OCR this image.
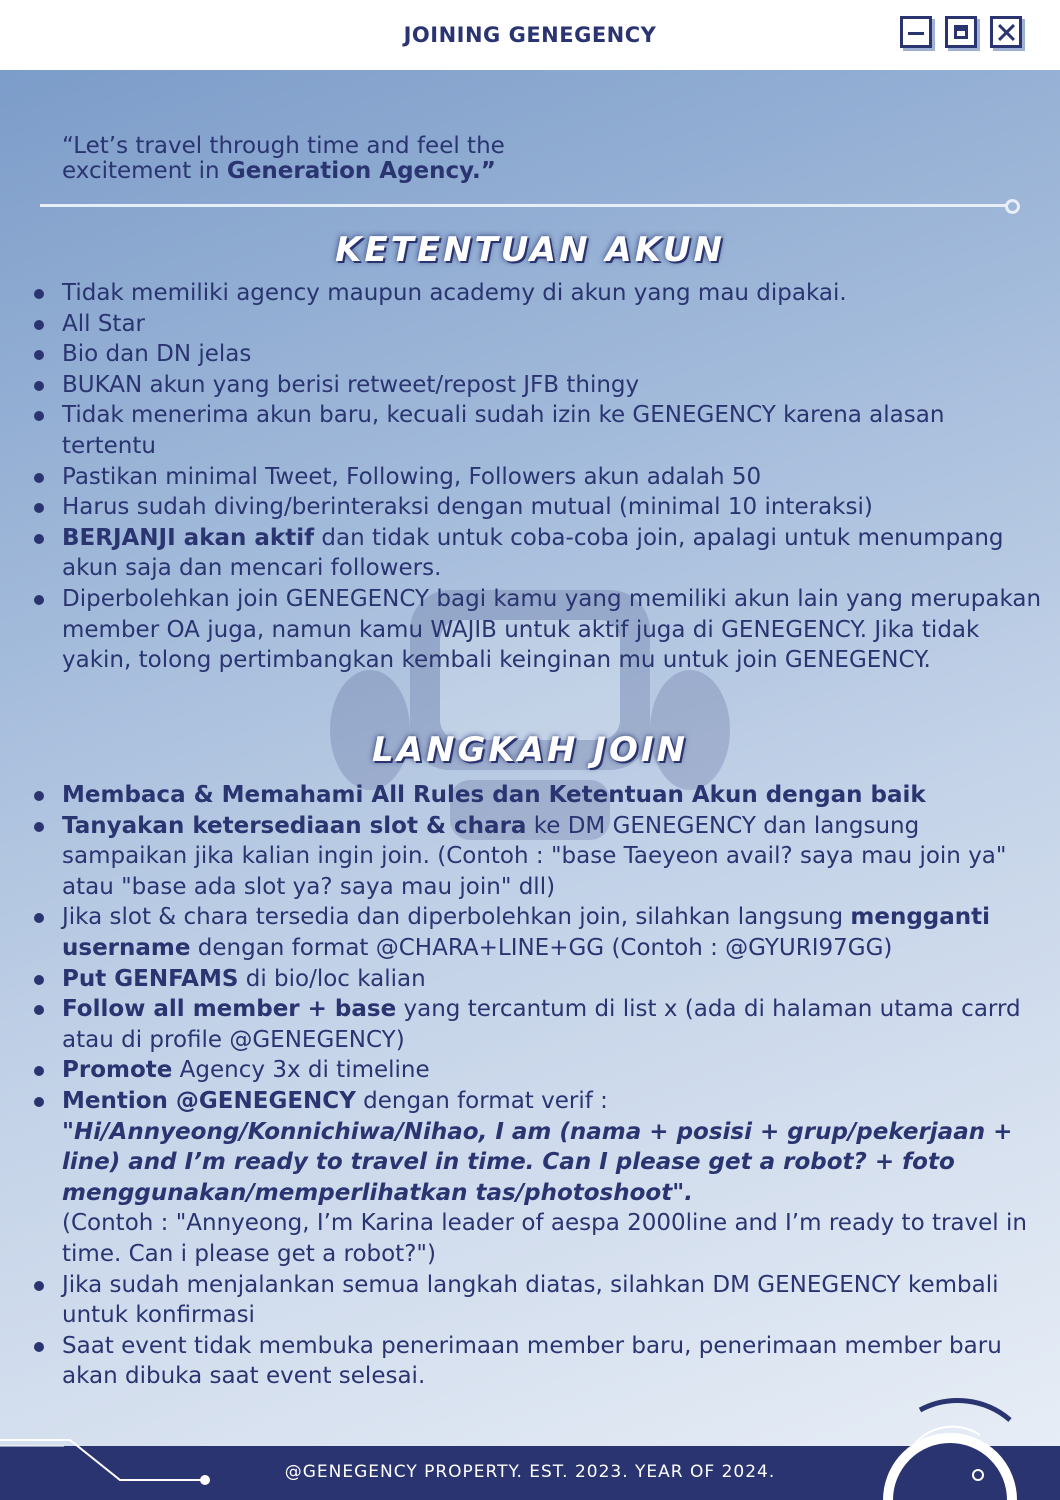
JOINING GENEGENCY
“Let’s travel through time and feel the
excitement in Generation Agency.”
KETENTUAN AKUN
Tidak memiliki agency maupun academy di akun yang mau dipakai.
All Star
Bio dan DN jelas
BUKAN akun yang berisi retweet/repost JFB thingy
Tidak menerima akun baru, kecuali sudah izin ke GENEGENCY karena alasan tertentu
Pastikan minimal Tweet, Following, Followers akun adalah 50
Harus sudah diving/berinteraksi dengan mutual (minimal 10 interaksi)
BERJANJI akan aktif dan tidak untuk coba-coba join, apalagi untuk menumpang akun saja dan mencari followers.
Diperbolehkan join GENEGENCY bagi kamu yang memiliki akun lain yang merupakan member OA juga, namun kamu WAJIB untuk aktif juga di GENEGENCY. Jika tidak yakin, tolong pertimbangkan kembali keinginan mu untuk join GENEGENCY.
LANGKAH JOIN
Membaca & Memahami All Rules dan Ketentuan Akun dengan baik
Tanyakan ketersediaan slot & chara ke DM GENEGENCY dan langsung sampaikan jika kalian ingin join. (Contoh : "base Taeyeon avail? saya mau join ya" atau "base ada slot ya? saya mau join" dll)
Jika slot & chara tersedia dan diperbolehkan join, silahkan langsung mengganti username dengan format @CHARA+LINE+GG (Contoh : @GYURI97GG)
Put GENFAMS di bio/loc kalian
Follow all member + base yang tercantum di list x (ada di halaman utama carrd atau di profile @GENEGENCY)
Promote Agency 3x di timeline
Mention @GENEGENCY dengan format verif :
"Hi/Annyeong/Konnichiwa/Nihao, I am (nama + posisi + grup/pekerjaan + line) and I’m ready to travel in time. Can I please get a robot? + foto menggunakan/memperlihatkan tas/photoshoot".
(Contoh : "Annyeong, I’m Karina leader of aespa 2000line and I’m ready to travel in time. Can i please get a robot?")
Jika sudah menjalankan semua langkah diatas, silahkan DM GENEGENCY kembali untuk konfirmasi
Saat event tidak membuka penerimaan member baru, penerimaan member baru akan dibuka saat event selesai.
@GENEGENCY PROPERTY. EST. 2023. YEAR OF 2024.
